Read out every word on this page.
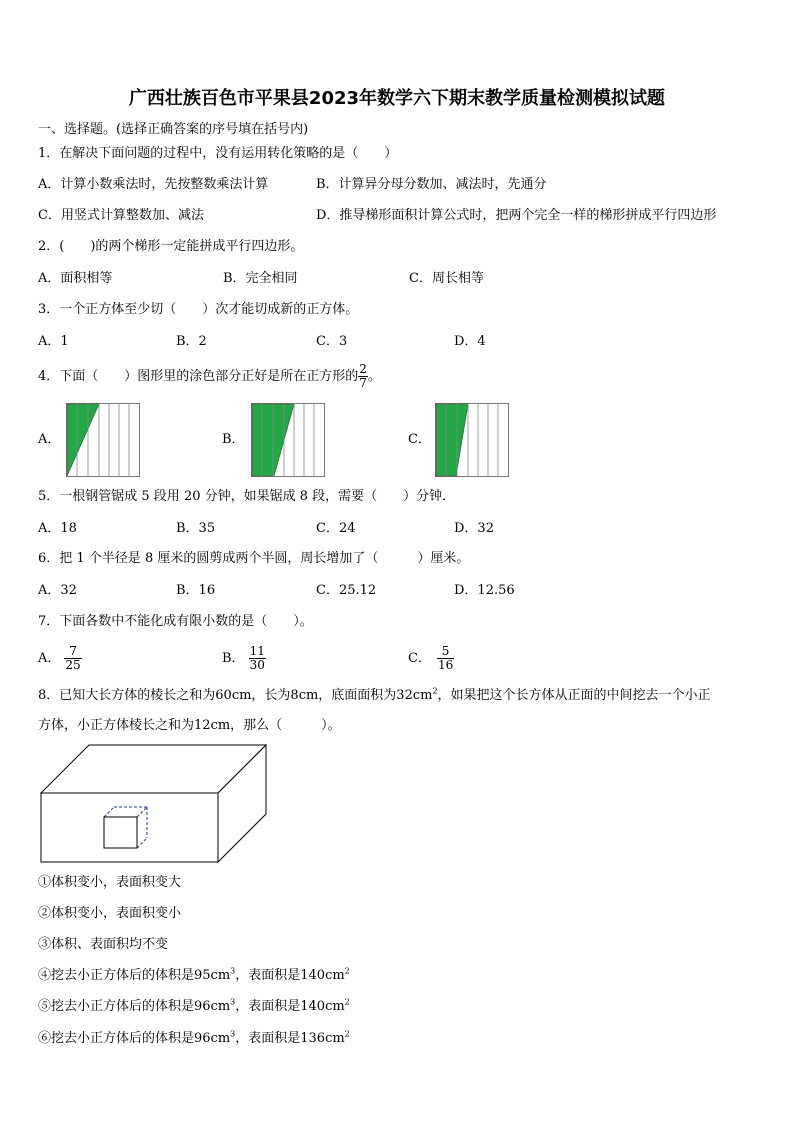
广西壮族百色市平果县2023年数学六下期末教学质量检测模拟试题
一、选择题。(选择正确答案的序号填在括号内)
1．在解决下面问题的过程中，没有运用转化策略的是（　　）
A．计算小数乘法时，先按整数乘法计算	B．计算异分母分数加、减法时，先通分
C．用竖式计算整数加、减法	D．推导梯形面积计算公式时，把两个完全一样的梯形拼成平行四边形
2．(　　)的两个梯形一定能拼成平行四边形。
A．面积相等	B．完全相同	C．周长相等
3．一个正方体至少切（　　）次才能切成新的正方体。
A．1	B．2	C．3	D．4
4．下面（　　）图形里的涂色部分正好是所在正方形的 $\frac{2}{7}$ 。
A．	B．	C．
5．一根钢管锯成 5 段用 20 分钟，如果锯成 8 段，需要（　　）分钟．
A．18	B．35	C．24	D．32
6．把 1 个半径是 8 厘米的圆剪成两个半圆，周长增加了（　　　）厘米。
A．32	B．16	C．25.12	D．12.56
7．下面各数中不能化成有限小数的是（　　）。
A． $\frac{7}{25}$	B． $\frac{11}{30}$	C． $\frac{5}{16}$
8．已知大长方体的棱长之和为60cm，长为8cm，底面面积为$32cm^2$，如果把这个长方体从正面的中间挖去一个小正
方体，小正方体棱长之和为12cm，那么（　　　）。
①体积变小，表面积变大
②体积变小，表面积变小
③体积、表面积均不变
④挖去小正方体后的体积是$95cm^3$，表面积是$140cm^2$
⑤挖去小正方体后的体积是$96cm^3$，表面积是$140cm^2$
⑥挖去小正方体后的体积是$96cm^3$，表面积是$136cm^2$
